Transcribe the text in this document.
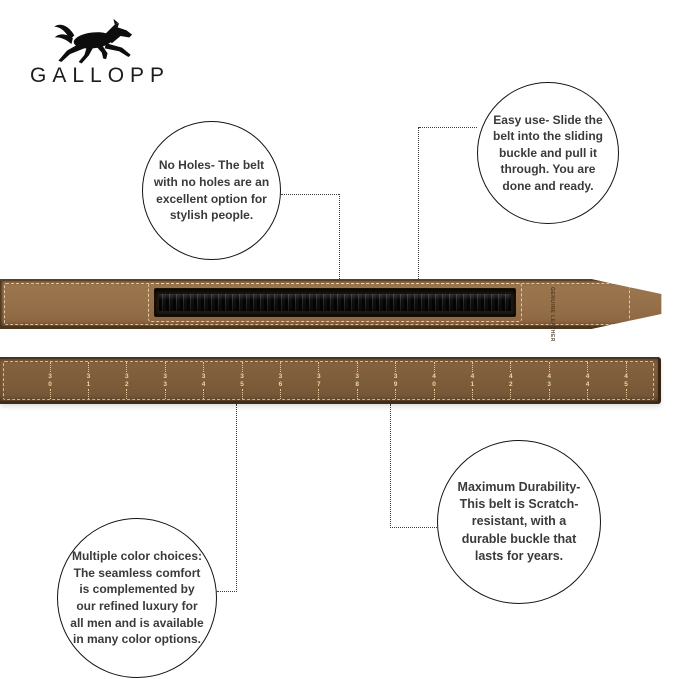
GALLOPP
No Holes- The belt with no holes are an excellent option for stylish people.
Easy use- Slide the belt into the sliding buckle and pull it through. You are done and ready.
Maximum Durability- This belt is Scratch-resistant, with a durable buckle that lasts for years.
Multiple color choices: The seamless comfort is complemented by our refined luxury for all men and is available in many color options.
GENUINE LEATHER
3
0
3
1
3
2
3
3
3
4
3
5
3
6
3
7
3
8
3
9
4
0
4
1
4
2
4
3
4
4
4
5
